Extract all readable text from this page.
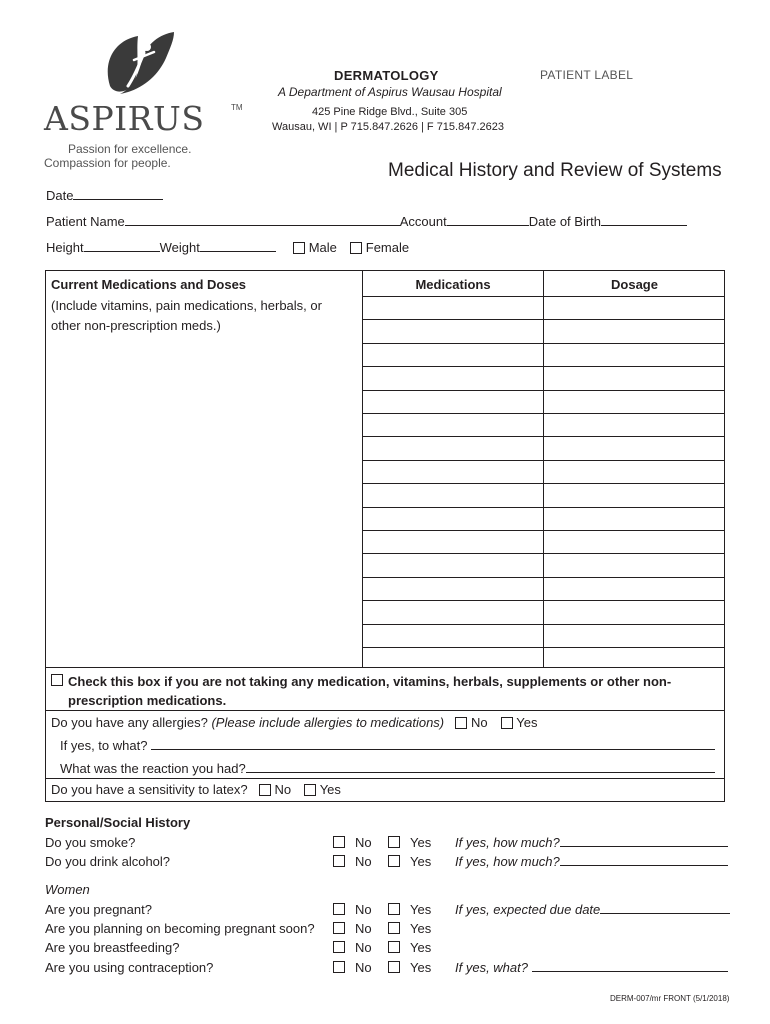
ASPIRUS	TM
Passion for excellence.
Compassion for people.
DERMATOLOGY
A Department of Aspirus Wausau Hospital
425 Pine Ridge Blvd., Suite 305
Wausau, WI | P 715.847.2626 | F 715.847.2623
PATIENT LABEL
Medical History and Review of Systems
Date
Patient Name	Account	Date of Birth
Height	Weight	Male Female
Current Medications and Doses
(Include vitamins, pain medications, herbals, or other non-prescription meds.)
Medications	Dosage
Check this box if you are not taking any medication, vitamins, herbals, supplements or other non-prescription medications.
Do you have any allergies? (Please include allergies to medications) No Yes
If yes, to what?
What was the reaction you had?
Do you have a sensitivity to latex? No Yes
Personal/Social History
Do you smoke?	No	Yes If yes, how much?
Do you drink alcohol?	No	Yes If yes, how much?
Women
Are you pregnant?	No	Yes If yes, expected due date
Are you planning on becoming pregnant soon?	No	Yes
Are you breastfeeding?	No	Yes
Are you using contraception?	No	Yes If yes, what?
DERM-007/mr FRONT (5/1/2018)
